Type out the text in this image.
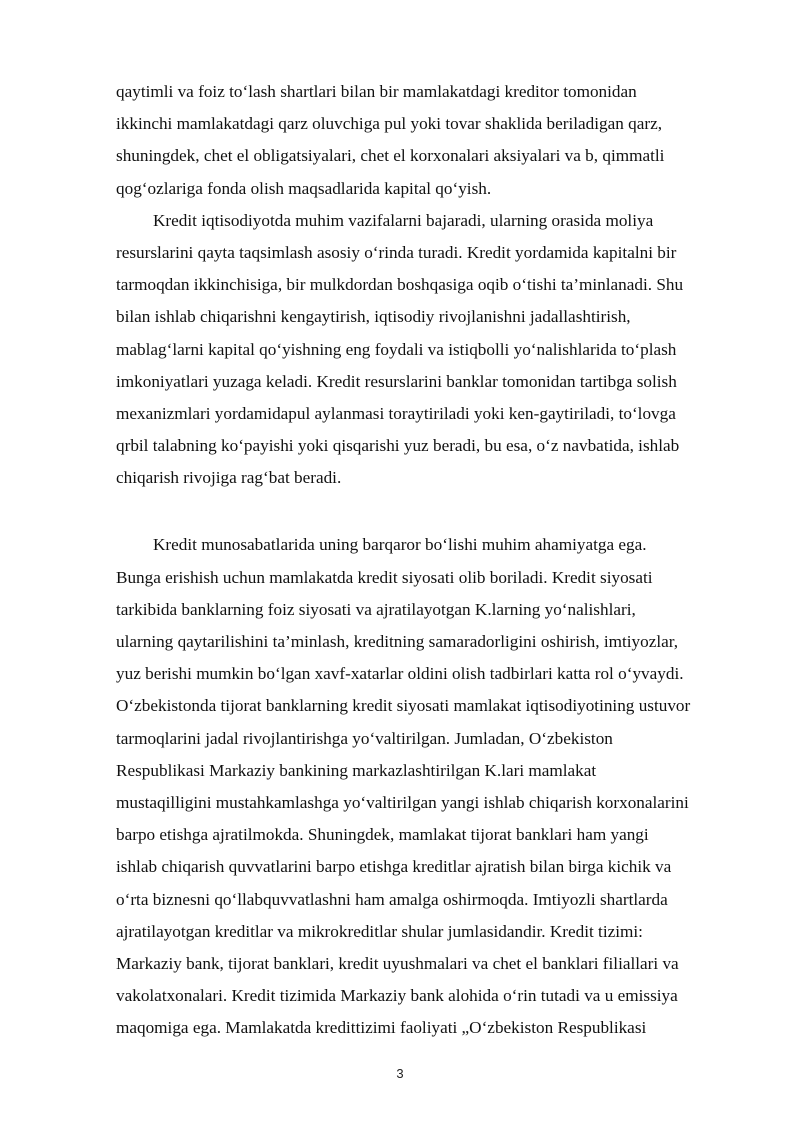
qaytimli va foiz to‘lash shartlari bilan bir mamlakatdagi kreditor tomonidan
ikkinchi mamlakatdagi qarz oluvchiga pul yoki tovar shaklida beriladigan qarz,
shuningdek, chet el obligatsiyalari, chet el korxonalari aksiyalari va b, qimmatli
qog‘ozlariga fonda olish maqsadlarida kapital qo‘yish.
Kredit iqtisodiyotda muhim vazifalarni bajaradi, ularning orasida moliya
resurslarini qayta taqsimlash asosiy o‘rinda turadi. Kredit yordamida kapitalni bir
tarmoqdan ikkinchisiga, bir mulkdordan boshqasiga oqib o‘tishi ta’minlanadi. Shu
bilan ishlab chiqarishni kengaytirish, iqtisodiy rivojlanishni jadallashtirish,
mablag‘larni kapital qo‘yishning eng foydali va istiqbolli yo‘nalishlarida to‘plash
imkoniyatlari yuzaga keladi. Kredit resurslarini banklar tomonidan tartibga solish
mexanizmlari yordamidapul aylanmasi toraytiriladi yoki ken-gaytiriladi, to‘lovga
qrbil talabning ko‘payishi yoki qisqarishi yuz beradi, bu esa, o‘z navbatida, ishlab
chiqarish rivojiga rag‘bat beradi.
Kredit munosabatlarida uning barqaror bo‘lishi muhim ahamiyatga ega.
Bunga erishish uchun mamlakatda kredit siyosati olib boriladi. Kredit siyosati
tarkibida banklarning foiz siyosati va ajratilayotgan K.larning yo‘nalishlari,
ularning qaytarilishini ta’minlash, kreditning samaradorligini oshirish, imtiyozlar,
yuz berishi mumkin bo‘lgan xavf-xatarlar oldini olish tadbirlari katta rol o‘yvaydi.
O‘zbekistonda tijorat banklarning kredit siyosati mamlakat iqtisodiyotining ustuvor
tarmoqlarini jadal rivojlantirishga yo‘valtirilgan. Jumladan, O‘zbekiston
Respublikasi Markaziy bankining markazlashtirilgan K.lari mamlakat
mustaqilligini mustahkamlashga yo‘valtirilgan yangi ishlab chiqarish korxonalarini
barpo etishga ajratilmokda. Shuningdek, mamlakat tijorat banklari ham yangi
ishlab chiqarish quvvatlarini barpo etishga kreditlar ajratish bilan birga kichik va
o‘rta biznesni qo‘llabquvvatlashni ham amalga oshirmoqda. Imtiyozli shartlarda
ajratilayotgan kreditlar va mikrokreditlar shular jumlasidandir. Kredit tizimi:
Markaziy bank, tijorat banklari, kredit uyushmalari va chet el banklari filiallari va
vakolatxonalari. Kredit tizimida Markaziy bank alohida o‘rin tutadi va u emissiya
maqomiga ega. Mamlakatda kredittizimi faoliyati „O‘zbekiston Respublikasi
3
